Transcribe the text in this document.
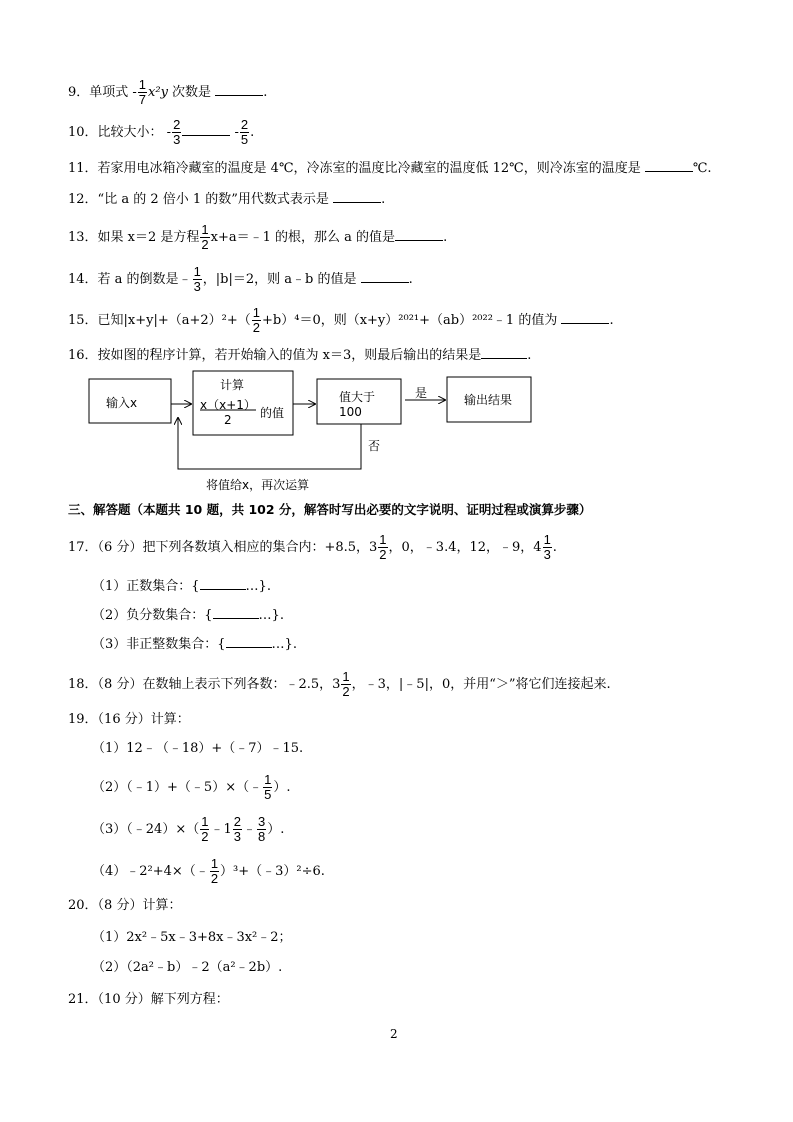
9．单项式 - $\frac{1}{7} x^2y$ 次数是	.
10．比较大小： - $\frac{2}{3}$	- $\frac{2}{5}$ .
11．若家用电冰箱冷藏室的温度是 4℃，冷冻室的温度比冷藏室的温度低 12℃，则冷冻室的温度是	℃.
12．“比 a 的 2 倍小 1 的数”用代数式表示是	.
13．如果 x＝2 是方程 $\frac{1}{2}$ x+a＝﹣1 的根，那么 a 的值是	.
14．若 a 的倒数是﹣ $\frac{1}{3}$ ，|b|＝2，则 a﹣b 的值是	.
15．已知$|x+y|+(a+2)^2+( \frac{1}{2} +b)^4=0$，则（x+y）²⁰²¹+（ab）²⁰²²﹣1 的值为	.
16．按如图的程序计算，若开始输入的值为 x＝3，则最后输出的结果是	.
输入x
计算
x（x+1）
2 的值
值大于
100
是
否
输出结果
将值给x，再次运算
三、解答题（本题共 10 题，共 102 分，解答时写出必要的文字说明、证明过程或演算步骤）
17．（6 分）把下列各数填入相应的集合内：+8.5，$3 \frac{1}{2}$ ，0，﹣3.4，12，﹣9，$4 \frac{1}{3}$ .
（1）正数集合：{	…}.
（2）负分数集合：{	…}.
（3）非正整数集合：{	…}.
18．（8 分）在数轴上表示下列各数：﹣2.5，$3 \frac{1}{2}$ ，﹣3，|﹣5|，0，并用“＞”将它们连接起来.
19．（16 分）计算：
（1）12﹣（﹣18）+（﹣7）﹣15.
（2）（﹣1）+（﹣5）×（﹣ $\frac{1}{5}$ ）.
（3）（﹣24）×（ $\frac{1}{2}$ ﹣1 $\frac{2}{3}$ ﹣ $\frac{3}{8}$ ）.
（4）﹣2²+4×（﹣ $\frac{1}{2}$ ）³+（﹣3）²÷6.
20．（8 分）计算：
（1）2x²﹣5x﹣3+8x﹣3x²﹣2；
（2）（2a²﹣b）﹣2（a²﹣2b）.
21．（10 分）解下列方程：
2
